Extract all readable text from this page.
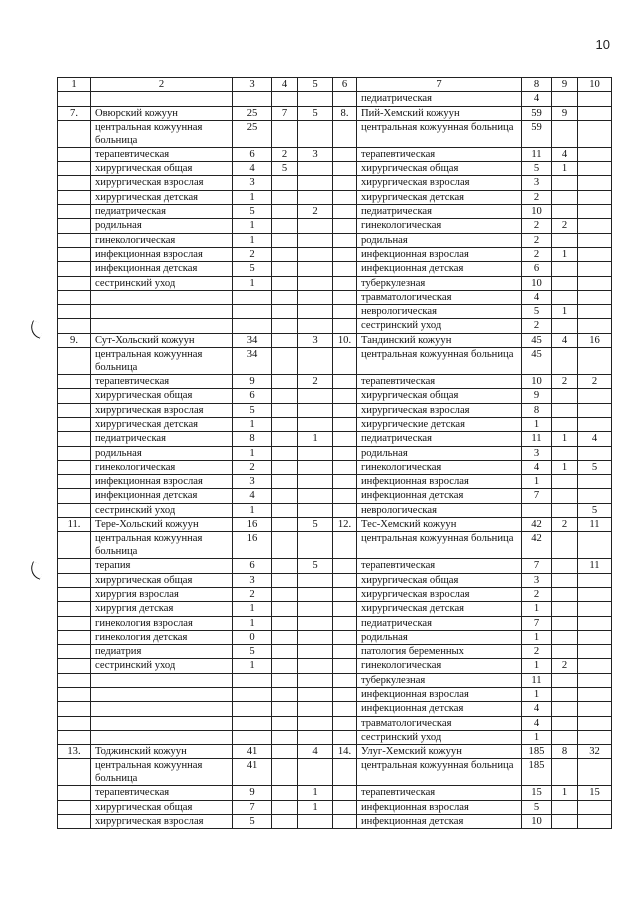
10
1	2	3	4	5	6	7	8	9	10
						педиатрическая	4		
7.	Овюрский кожуун	25	7	5	8.	Пий-Хемский кожуун	59	9	
	центральная кожуунная больница	25				центральная кожуунная больница	59		
	терапевтическая	6	2	3		терапевтическая	11	4	
	хирургическая общая	4	5			хирургическая общая	5	1	
	хирургическая взрослая	3				хирургическая взрослая	3		
	хирургическая детская	1				хирургическая детская	2		
	педиатрическая	5		2		педиатрическая	10		
	родильная	1				гинекологическая	2	2	
	гинекологическая	1				родильная	2		
	инфекционная взрослая	2				инфекционная взрослая	2	1	
	инфекционная детская	5				инфекционная детская	6		
	сестринский уход	1				туберкулезная	10		
						травматологическая	4		
						неврологическая	5	1	
						сестринский уход	2		
9.	Сут-Хольский кожуун	34		3	10.	Тандинский кожуун	45	4	16
	центральная кожуунная больница	34				центральная кожуунная больница	45		
	терапевтическая	9		2		терапевтическая	10	2	2
	хирургическая общая	6				хирургическая общая	9		
	хирургическая взрослая	5				хирургическая взрослая	8		
	хирургическая детская	1				хирургические детская	1		
	педиатрическая	8		1		педиатрическая	11	1	4
	родильная	1				родильная	3		
	гинекологическая	2				гинекологическая	4	1	5
	инфекционная взрослая	3				инфекционная взрослая	1		
	инфекционная детская	4				инфекционная детская	7		
	сестринский уход	1				неврологическая			5
11.	Тере-Хольский кожуун	16		5	12.	Тес-Хемский кожуун	42	2	11
	центральная кожуунная больница	16				центральная кожуунная больница	42		
	терапия	6		5		терапевтическая	7		11
	хирургическая общая	3				хирургическая общая	3		
	хирургия взрослая	2				хирургическая взрослая	2		
	хирургия детская	1				хирургическая детская	1		
	гинекология взрослая	1				педиатрическая	7		
	гинекология детская	0				родильная	1		
	педиатрия	5				патология беременных	2		
	сестринский уход	1				гинекологическая	1	2	
						туберкулезная	11		
						инфекционная взрослая	1		
						инфекционная детская	4		
						травматологическая	4		
						сестринский уход	1		
13.	Тоджинский кожуун	41		4	14.	Улуг-Хемский кожуун	185	8	32
	центральная кожуунная больница	41				центральная кожуунная больница	185		
	терапевтическая	9		1		терапевтическая	15	1	15
	хирургическая общая	7		1		инфекционная взрослая	5		
	хирургическая взрослая	5				инфекционная детская	10		
